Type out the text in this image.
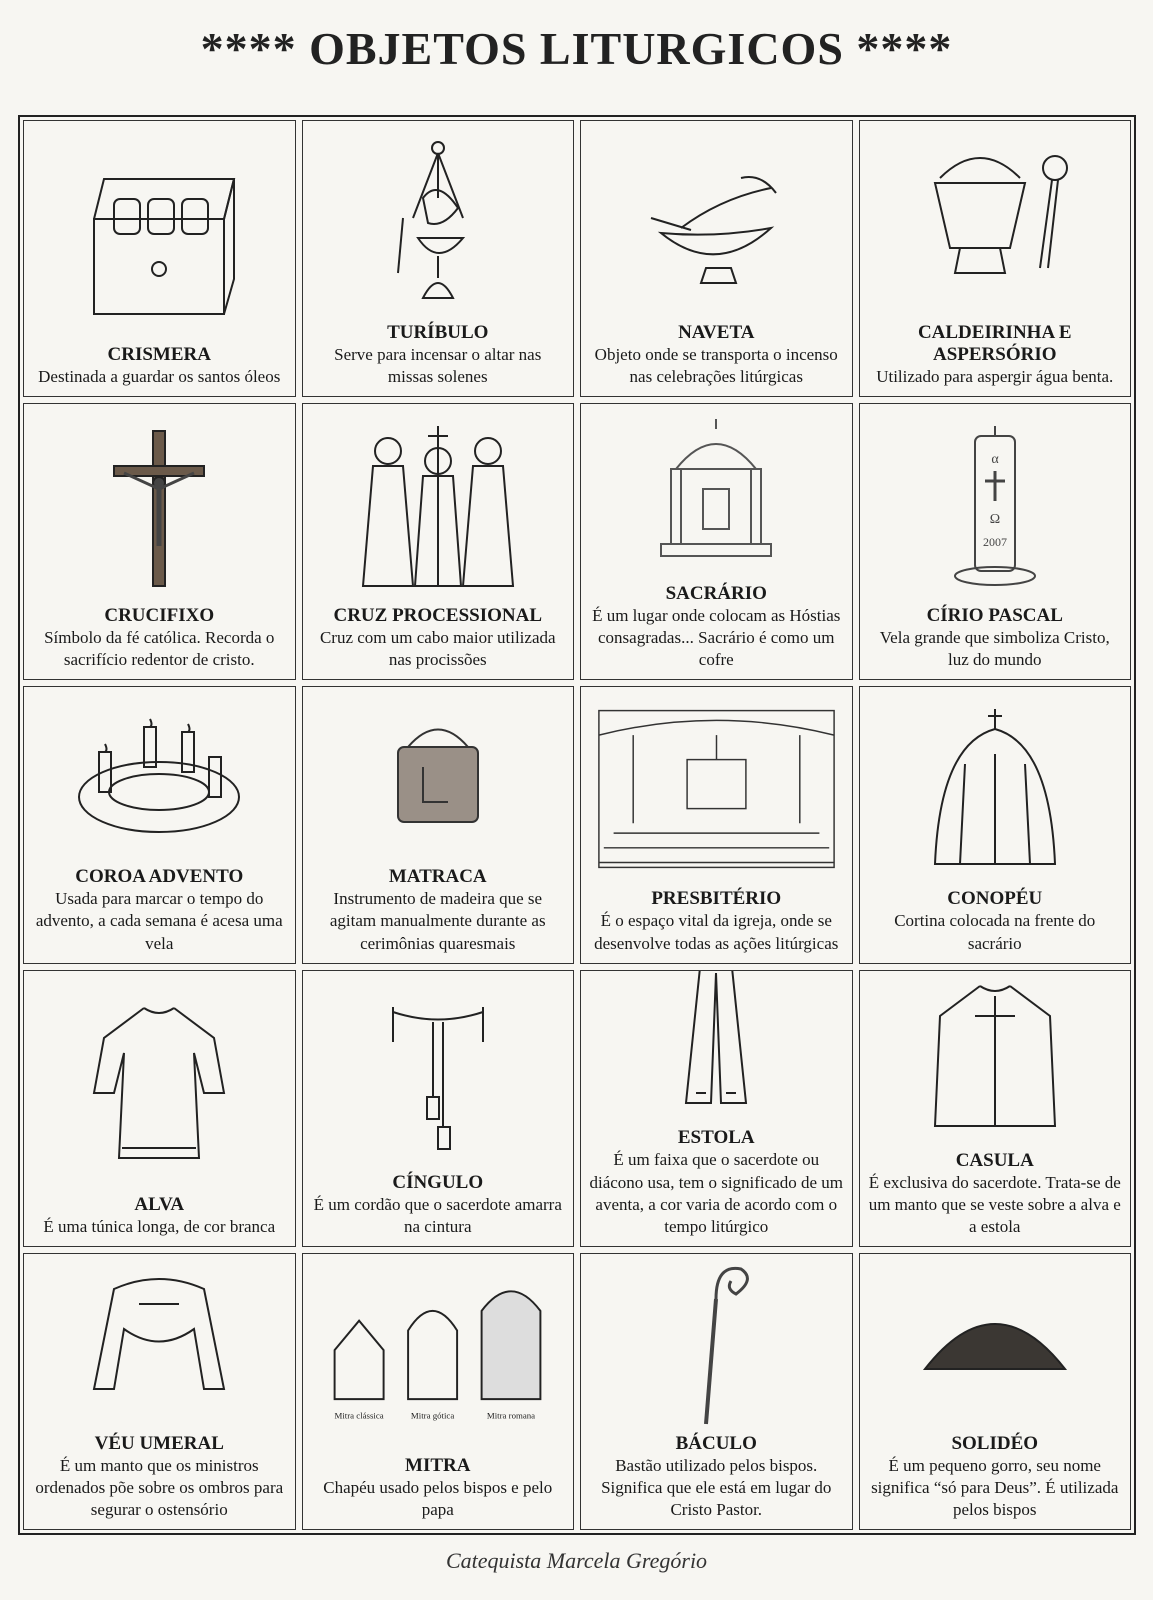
**** OBJETOS LITURGICOS ****
CRISMERA
Destinada a guardar os santos óleos
TURÍBULO
Serve para incensar o altar nas missas solenes
NAVETA
Objeto onde se transporta o incenso nas celebrações litúrgicas
CALDEIRINHA E ASPERSÓRIO
Utilizado para aspergir água benta.
CRUCIFIXO
Símbolo da fé católica. Recorda o sacrifício redentor de cristo.
CRUZ PROCESSIONAL
Cruz com um cabo maior utilizada nas procissões
SACRÁRIO
É um lugar onde colocam as Hóstias consagradas... Sacrário é como um cofre
α
Ω
2007
CÍRIO PASCAL
Vela grande que simboliza Cristo, luz do mundo
COROA ADVENTO
Usada para marcar o tempo do advento, a cada semana é acesa uma vela
MATRACA
Instrumento de madeira que se agitam manualmente durante as cerimônias quaresmais
PRESBITÉRIO
É o espaço vital da igreja, onde se desenvolve todas as ações litúrgicas
CONOPÉU
Cortina colocada na frente do sacrário
ALVA
É uma túnica longa, de cor branca
CÍNGULO
É um cordão que o sacerdote amarra na cintura
ESTOLA
É um faixa que o sacerdote ou diácono usa, tem o significado de um aventa, a cor varia de acordo com o tempo litúrgico
CASULA
É exclusiva do sacerdote. Trata-se de um manto que se veste sobre a alva e a estola
VÉU UMERAL
É um manto que os ministros ordenados põe sobre os ombros para segurar o ostensório
Mitra clássica	Mitra gótica	Mitra romana
MITRA
Chapéu usado pelos bispos e pelo papa
BÁCULO
Bastão utilizado pelos bispos. Significa que ele está em lugar do Cristo Pastor.
SOLIDÉO
É um pequeno gorro, seu nome significa “só para Deus”. É utilizada pelos bispos
Catequista Marcela Gregório
